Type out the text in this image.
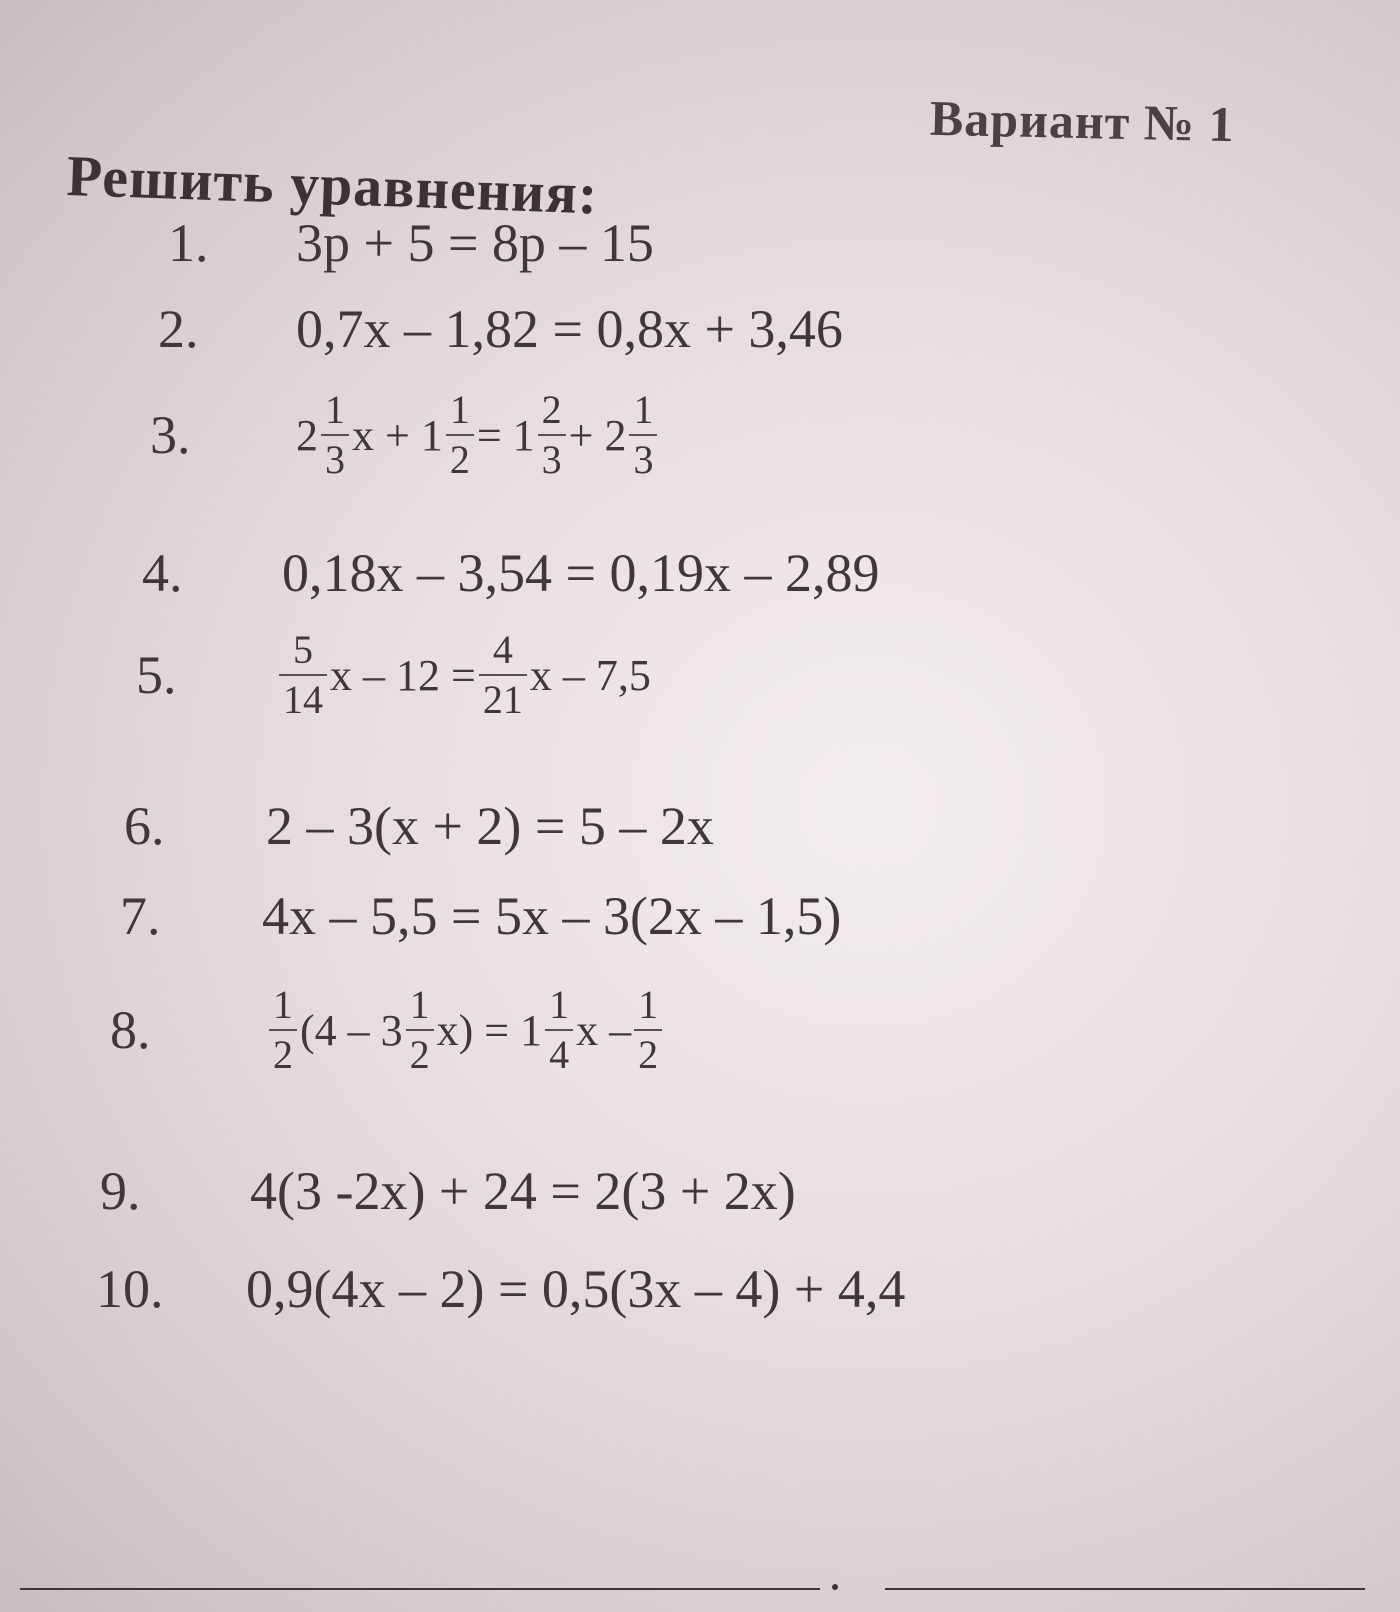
Вариант № 1
Решить уравнения:
1.	3p + 5 = 8p – 15
2.	0,7x – 1,82 = 0,8x + 3,46
3.	$2 \frac{1}{3}$ $x + 1 \frac{1}{2} = 1 \frac{2}{3} + 2 \frac{1}{3}$
4.	0,18x – 3,54 = 0,19x – 2,89
5.	$\frac{5}{14}$ $x - 12 = \frac{4}{21}$ x – 7,5
6.	2 – 3(x + 2) = 5 – 2x
7.	4x – 5,5 = 5x – 3(2x – 1,5)
8.	$\frac{1}{2} (4 - 3 \frac{1}{2} x) = 1 \frac{1}{4}$ x – $\frac{1}{2}$
9.	4(3 -2x) + 24 = 2(3 + 2x)
10.	0,9(4x – 2) = 0,5(3x – 4) + 4,4
